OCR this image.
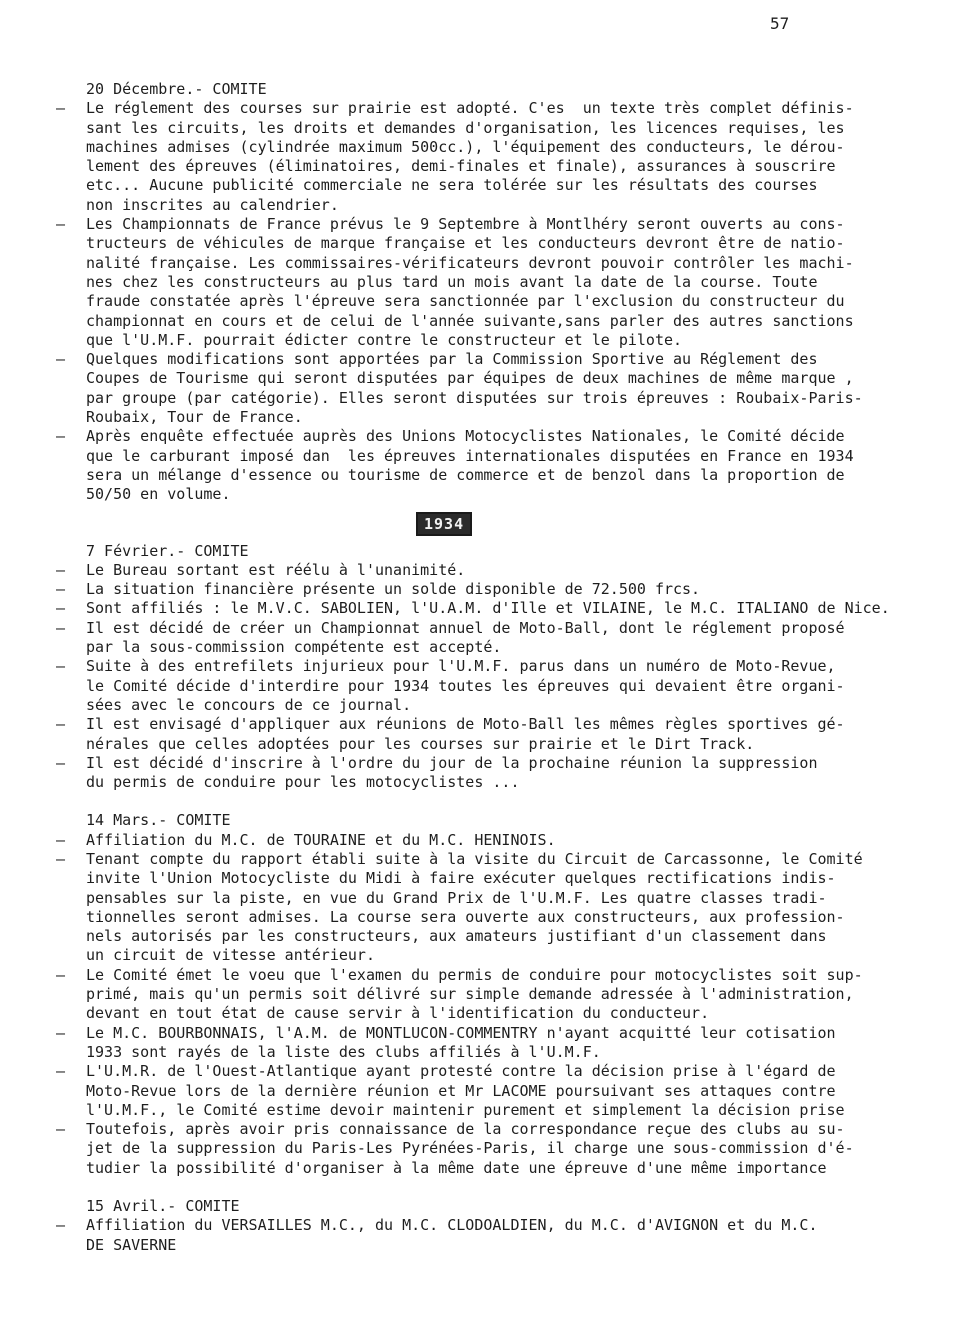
57
20 Décembre.- COMITE
– Le réglement des courses sur prairie est adopté. C'es  un texte très complet définis-
sant les circuits, les droits et demandes d'organisation, les licences requises, les
machines admises (cylindrée maximum 500cc.), l'équipement des conducteurs, le dérou-
lement des épreuves (éliminatoires, demi-finales et finale), assurances à souscrire
etc... Aucune publicité commerciale ne sera tolérée sur les résultats des courses
non inscrites au calendrier.
– Les Championnats de France prévus le 9 Septembre à Montlhéry seront ouverts au cons-
tructeurs de véhicules de marque française et les conducteurs devront être de natio-
nalité française. Les commissaires-vérificateurs devront pouvoir contrôler les machi-
nes chez les constructeurs au plus tard un mois avant la date de la course. Toute
fraude constatée après l'épreuve sera sanctionnée par l'exclusion du constructeur du
championnat en cours et de celui de l'année suivante,sans parler des autres sanctions
que l'U.M.F. pourrait édicter contre le constructeur et le pilote.
– Quelques modifications sont apportées par la Commission Sportive au Réglement des
Coupes de Tourisme qui seront disputées par équipes de deux machines de même marque ,
par groupe (par catégorie). Elles seront disputées sur trois épreuves : Roubaix-Paris-
Roubaix, Tour de France.
– Après enquête effectuée auprès des Unions Motocyclistes Nationales, le Comité décide
que le carburant imposé dan  les épreuves internationales disputées en France en 1934
sera un mélange d'essence ou tourisme de commerce et de benzol dans la proportion de
50/50 en volume.
1934
7 Février.- COMITE
– Le Bureau sortant est réélu à l'unanimité.
– La situation financière présente un solde disponible de 72.500 frcs.
– Sont affiliés : le M.V.C. SABOLIEN, l'U.A.M. d'Ille et VILAINE, le M.C. ITALIANO de Nice.
– Il est décidé de créer un Championnat annuel de Moto-Ball, dont le réglement proposé
par la sous-commission compétente est accepté.
– Suite à des entrefilets injurieux pour l'U.M.F. parus dans un numéro de Moto-Revue,
le Comité décide d'interdire pour 1934 toutes les épreuves qui devaient être organi-
sées avec le concours de ce journal.
– Il est envisagé d'appliquer aux réunions de Moto-Ball les mêmes règles sportives gé-
nérales que celles adoptées pour les courses sur prairie et le Dirt Track.
– Il est décidé d'inscrire à l'ordre du jour de la prochaine réunion la suppression
du permis de conduire pour les motocyclistes ...
14 Mars.- COMITE
– Affiliation du M.C. de TOURAINE et du M.C. HENINOIS.
– Tenant compte du rapport établi suite à la visite du Circuit de Carcassonne, le Comité
invite l'Union Motocycliste du Midi à faire exécuter quelques rectifications indis-
pensables sur la piste, en vue du Grand Prix de l'U.M.F. Les quatre classes tradi-
tionnelles seront admises. La course sera ouverte aux constructeurs, aux profession-
nels autorisés par les constructeurs, aux amateurs justifiant d'un classement dans
un circuit de vitesse antérieur.
– Le Comité émet le voeu que l'examen du permis de conduire pour motocyclistes soit sup-
primé, mais qu'un permis soit délivré sur simple demande adressée à l'administration,
devant en tout état de cause servir à l'identification du conducteur.
– Le M.C. BOURBONNAIS, l'A.M. de MONTLUCON-COMMENTRY n'ayant acquitté leur cotisation
1933 sont rayés de la liste des clubs affiliés à l'U.M.F.
– L'U.M.R. de l'Ouest-Atlantique ayant protesté contre la décision prise à l'égard de
Moto-Revue lors de la dernière réunion et Mr LACOME poursuivant ses attaques contre
l'U.M.F., le Comité estime devoir maintenir purement et simplement la décision prise
– Toutefois, après avoir pris connaissance de la correspondance reçue des clubs au su-
jet de la suppression du Paris-Les Pyrénées-Paris, il charge une sous-commission d'é-
tudier la possibilité d'organiser à la même date une épreuve d'une même importance
15 Avril.- COMITE
– Affiliation du VERSAILLES M.C., du M.C. CLODOALDIEN, du M.C. d'AVIGNON et du M.C.
DE SAVERNE
